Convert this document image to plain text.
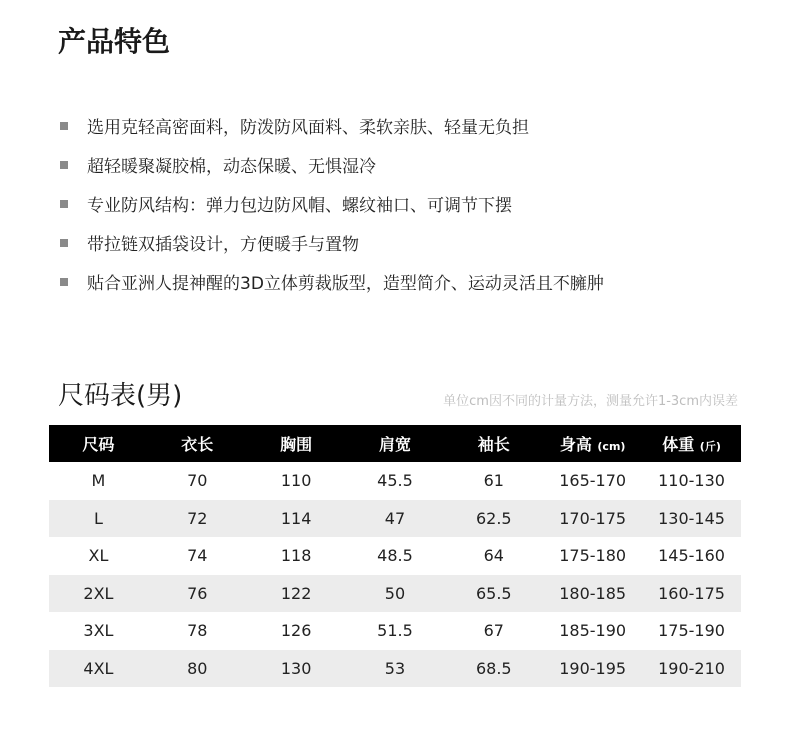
产品特色
选用克轻高密面料，防泼防风面料、柔软亲肤、轻量无负担
超轻暖聚凝胶棉，动态保暖、无惧湿冷
专业防风结构：弹力包边防风帽、螺纹袖口、可调节下摆
带拉链双插袋设计，方便暖手与置物
贴合亚洲人提神醒的3D立体剪裁版型，造型简介、运动灵活且不臃肿
尺码表(男)	单位cm因不同的计量方法，测量允许1-3cm内误差
尺码	衣长	胸围	肩宽	袖长	身高 (cm)	体重 (斤)
M	70	110	45.5	61	165-170	110-130
L	72	114	47	62.5	170-175	130-145
XL	74	118	48.5	64	175-180	145-160
2XL	76	122	50	65.5	180-185	160-175
3XL	78	126	51.5	67	185-190	175-190
4XL	80	130	53	68.5	190-195	190-210
